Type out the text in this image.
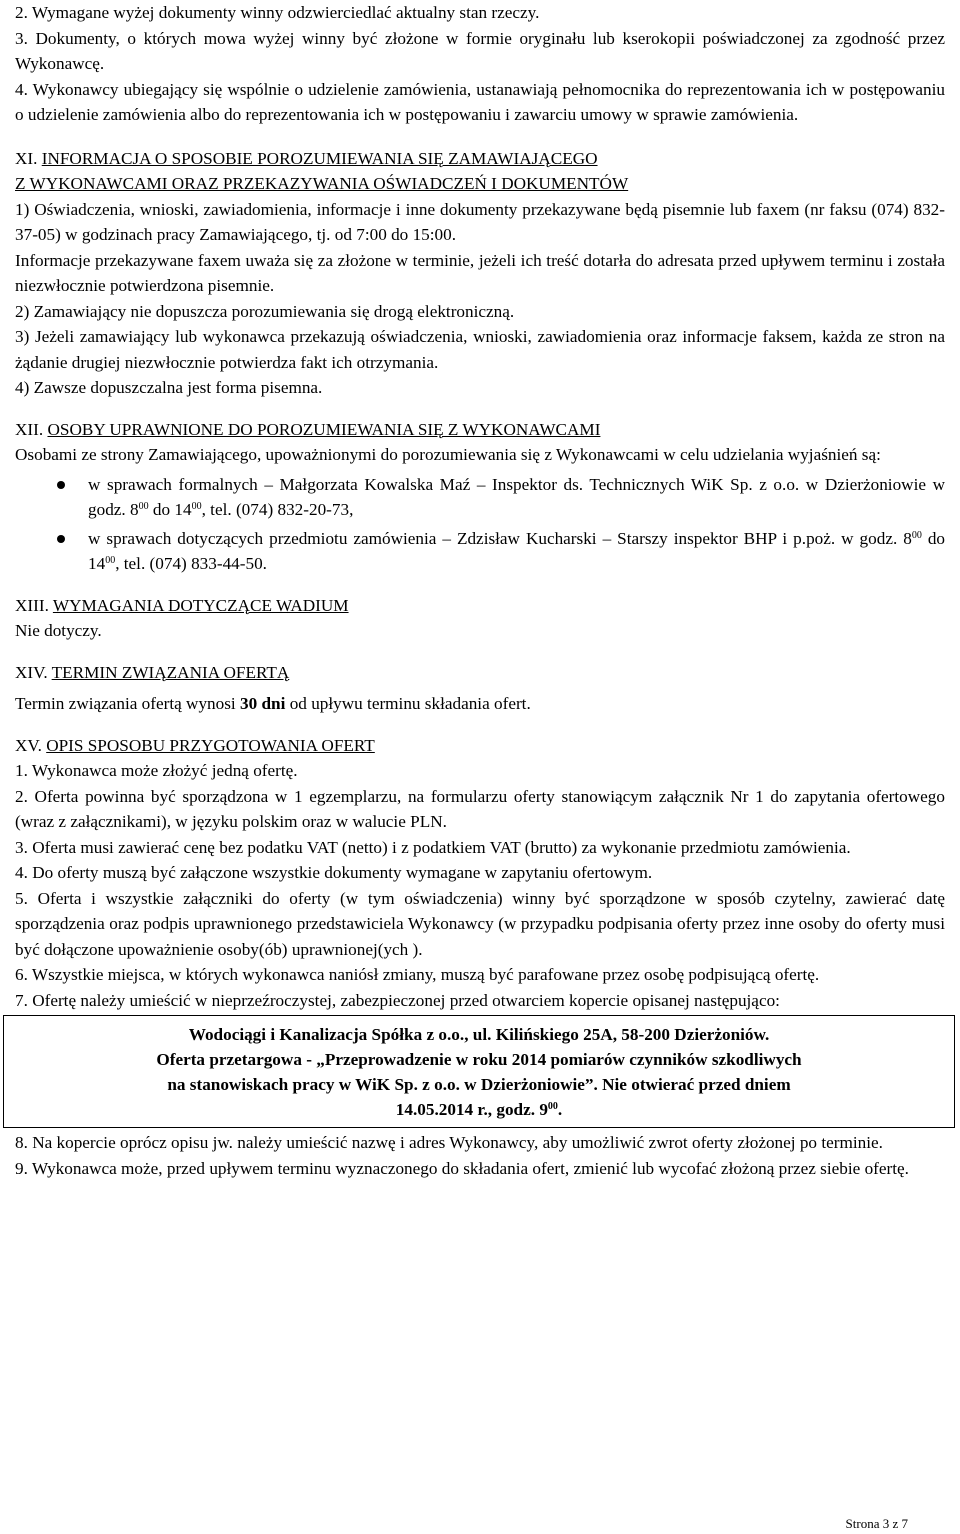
2. Wymagane wyżej dokumenty winny odzwierciedlać aktualny stan rzeczy.

3. Dokumenty, o których mowa wyżej winny być złożone w formie oryginału lub kserokopii poświadczonej za zgodność przez Wykonawcę.

4. Wykonawcy ubiegający się wspólnie o udzielenie zamówienia, ustanawiają pełnomocnika do reprezentowania ich w postępowaniu o udzielenie zamówienia albo do reprezentowania ich w postępowaniu i zawarciu umowy w sprawie zamówienia.

XI. INFORMACJA O SPOSOBIE POROZUMIEWANIA SIĘ ZAMAWIAJĄCEGO
Z WYKONAWCAMI ORAZ PRZEKAZYWANIA OŚWIADCZEŃ I DOKUMENTÓW

1) Oświadczenia, wnioski, zawiadomienia, informacje i inne dokumenty przekazywane będą pisemnie lub faxem (nr faksu (074) 832-37-05) w godzinach pracy Zamawiającego, tj. od 7:00 do 15:00.

Informacje przekazywane faxem uważa się za złożone w terminie, jeżeli ich treść dotarła do adresata przed upływem terminu i została niezwłocznie potwierdzona pisemnie.

2) Zamawiający nie dopuszcza porozumiewania się drogą elektroniczną.

3) Jeżeli zamawiający lub wykonawca przekazują oświadczenia, wnioski, zawiadomienia oraz informacje faksem, każda ze stron na żądanie drugiej niezwłocznie potwierdza fakt ich otrzymania.

4) Zawsze dopuszczalna jest forma pisemna.

XII. OSOBY UPRAWNIONE DO POROZUMIEWANIA SIĘ Z WYKONAWCAMI

Osobami ze strony Zamawiającego, upoważnionymi do porozumiewania się z Wykonawcami w celu udzielania wyjaśnień są:

w sprawach formalnych – Małgorzata Kowalska Maź – Inspektor ds. Technicznych WiK Sp. z o.o. w Dzierżoniowie w godz. $8^{00}$ do $14^{00}$, tel. (074) 832-20-73,
w sprawach dotyczących przedmiotu zamówienia – Zdzisław Kucharski – Starszy inspektor BHP i p.poż. w godz. $8^{00}$ do $14^{00}$, tel. (074) 833-44-50.
XIII. WYMAGANIA DOTYCZĄCE WADIUM

Nie dotyczy.

XIV. TERMIN ZWIĄZANIA OFERTĄ

Termin związania ofertą wynosi 30 dni od upływu terminu składania ofert.

XV. OPIS SPOSOBU PRZYGOTOWANIA OFERT

1. Wykonawca może złożyć jedną ofertę.

2. Oferta powinna być sporządzona w 1 egzemplarzu, na formularzu oferty stanowiącym załącznik Nr 1 do zapytania ofertowego (wraz z załącznikami), w języku polskim oraz w walucie PLN.

3. Oferta musi zawierać cenę bez podatku VAT (netto) i z podatkiem VAT (brutto) za wykonanie przedmiotu zamówienia.

4. Do oferty muszą być załączone wszystkie dokumenty wymagane w zapytaniu ofertowym.

5. Oferta i wszystkie załączniki do oferty (w tym oświadczenia) winny być sporządzone w sposób czytelny, zawierać datę sporządzenia oraz podpis uprawnionego przedstawiciela Wykonawcy (w przypadku podpisania oferty przez inne osoby do oferty musi być dołączone upoważnienie osoby(ób) uprawnionej(ych ).

6. Wszystkie miejsca, w których wykonawca naniósł zmiany, muszą być parafowane przez osobę podpisującą ofertę.

7. Ofertę należy umieścić w nieprzeźroczystej, zabezpieczonej przed otwarciem kopercie opisanej następująco:

Wodociągi i Kanalizacja Spółka z o.o., ul. Kilińskiego 25A, 58-200 Dzierżoniów.
Oferta przetargowa - „Przeprowadzenie w roku 2014 pomiarów czynników szkodliwych
na stanowiskach pracy w WiK Sp. z o.o. w Dzierżoniowie”. Nie otwierać przed dniem
14.05.2014 r., godz. $9^{00}$.

8. Na kopercie oprócz opisu jw. należy umieścić nazwę i adres Wykonawcy, aby umożliwić zwrot oferty złożonej po terminie.

9. Wykonawca może, przed upływem terminu wyznaczonego do składania ofert, zmienić lub wycofać złożoną przez siebie ofertę.

Strona 3 z 7
